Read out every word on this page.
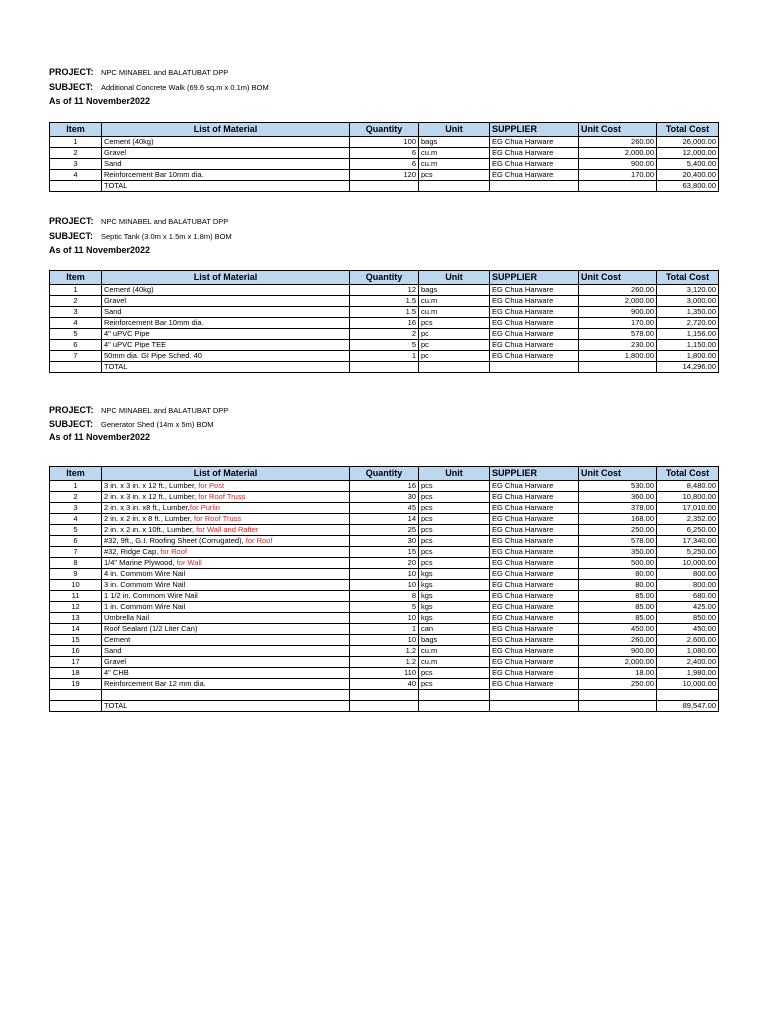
PROJECT: NPC MINABEL and BALATUBAT DPP
SUBJECT: Additional Concrete Walk (69.6 sq.m x 0.1m) BOM
As of 11 November2022
Item	List of Material	Quantity	Unit	SUPPLIER	Unit Cost	Total Cost
1	Cement (40kg)	100	bags	EG Chua Harware	260.00	26,000.00
2	Gravel	6	cu.m	EG Chua Harware	2,000.00	12,000.00
3	Sand	6	cu.m	EG Chua Harware	900.00	5,400.00
4	Reinforcement Bar 10mm dia.	120	pcs	EG Chua Harware	170.00	20,400.00
	TOTAL					63,800.00
PROJECT: NPC MINABEL and BALATUBAT DPP
SUBJECT: Septic Tank (3.0m x 1.5m x 1.8m) BOM
As of 11 November2022
Item	List of Material	Quantity	Unit	SUPPLIER	Unit Cost	Total Cost
1	Cement (40kg)	12	bags	EG Chua Harware	260.00	3,120.00
2	Gravel	1.5	cu.m	EG Chua Harware	2,000.00	3,000.00
3	Sand	1.5	cu.m	EG Chua Harware	900.00	1,350.00
4	Reinforcement Bar 10mm dia.	16	pcs	EG Chua Harware	170.00	2,720.00
5	4" uPVC Pipe	2	pc	EG Chua Harware	578.00	1,156.00
6	4" uPVC Pipe TEE	5	pc	EG Chua Harware	230.00	1,150.00
7	50mm dia. GI Pipe Sched. 40	1	pc	EG Chua Harware	1,800.00	1,800.00
	TOTAL					14,296.00
PROJECT: NPC MINABEL and BALATUBAT DPP
SUBJECT: Generator Shed (14m x 5m) BOM
As of 11 November2022
Item	List of Material	Quantity	Unit	SUPPLIER	Unit Cost	Total Cost
1	3 in. x 3 in. x 12 ft., Lumber, for Post	16	pcs	EG Chua Harware	530.00	8,480.00
2	2 in. x 3 in. x 12 ft., Lumber, for Roof Truss	30	pcs	EG Chua Harware	360.00	10,800.00
3	2 in. x 3 in. x8 ft., Lumber,for Purlin	45	pcs	EG Chua Harware	378.00	17,010.00
4	2 in. x 2 in. x 8 ft., Lumber, for Roof Truss	14	pcs	EG Chua Harware	168.00	2,352.00
5	2 in. x 2 in. x 10ft., Lumber, for Wall and Rafter	25	pcs	EG Chua Harware	250.00	6,250.00
6	#32, 9ft,, G.I. Roofing Sheet (Corrugated), for Roof	30	pcs	EG Chua Harware	578.00	17,340.00
7	#32, Ridge Cap, for Roof	15	pcs	EG Chua Harware	350.00	5,250.00
8	1/4" Marine Plywood, for Wall	20	pcs	EG Chua Harware	500.00	10,000.00
9	4 in. Commom Wire Nail	10	kgs	EG Chua Harware	80.00	800.00
10	3 in. Commom Wire Nail	10	kgs	EG Chua Harware	80.00	800.00
11	1 1/2 in. Commom Wire Nail	8	kgs	EG Chua Harware	85.00	680.00
12	1 in. Commom Wire Nail	5	kgs	EG Chua Harware	85.00	425.00
13	Umbrella Nail	10	kgs	EG Chua Harware	85.00	850.00
14	Roof Sealant (1/2 Liter Can)	1	can	EG Chua Harware	450.00	450.00
15	Cement	10	bags	EG Chua Harware	260.00	2,600.00
16	Sand	1.2	cu.m	EG Chua Harware	900.00	1,080.00
17	Gravel	1.2	cu.m	EG Chua Harware	2,000.00	2,400.00
18	4" CHB	110	pcs	EG Chua Harware	18.00	1,980.00
19	Reinforcement Bar 12 mm dia.	40	pcs	EG Chua Harware	250.00	10,000.00

	TOTAL					89,547.00
